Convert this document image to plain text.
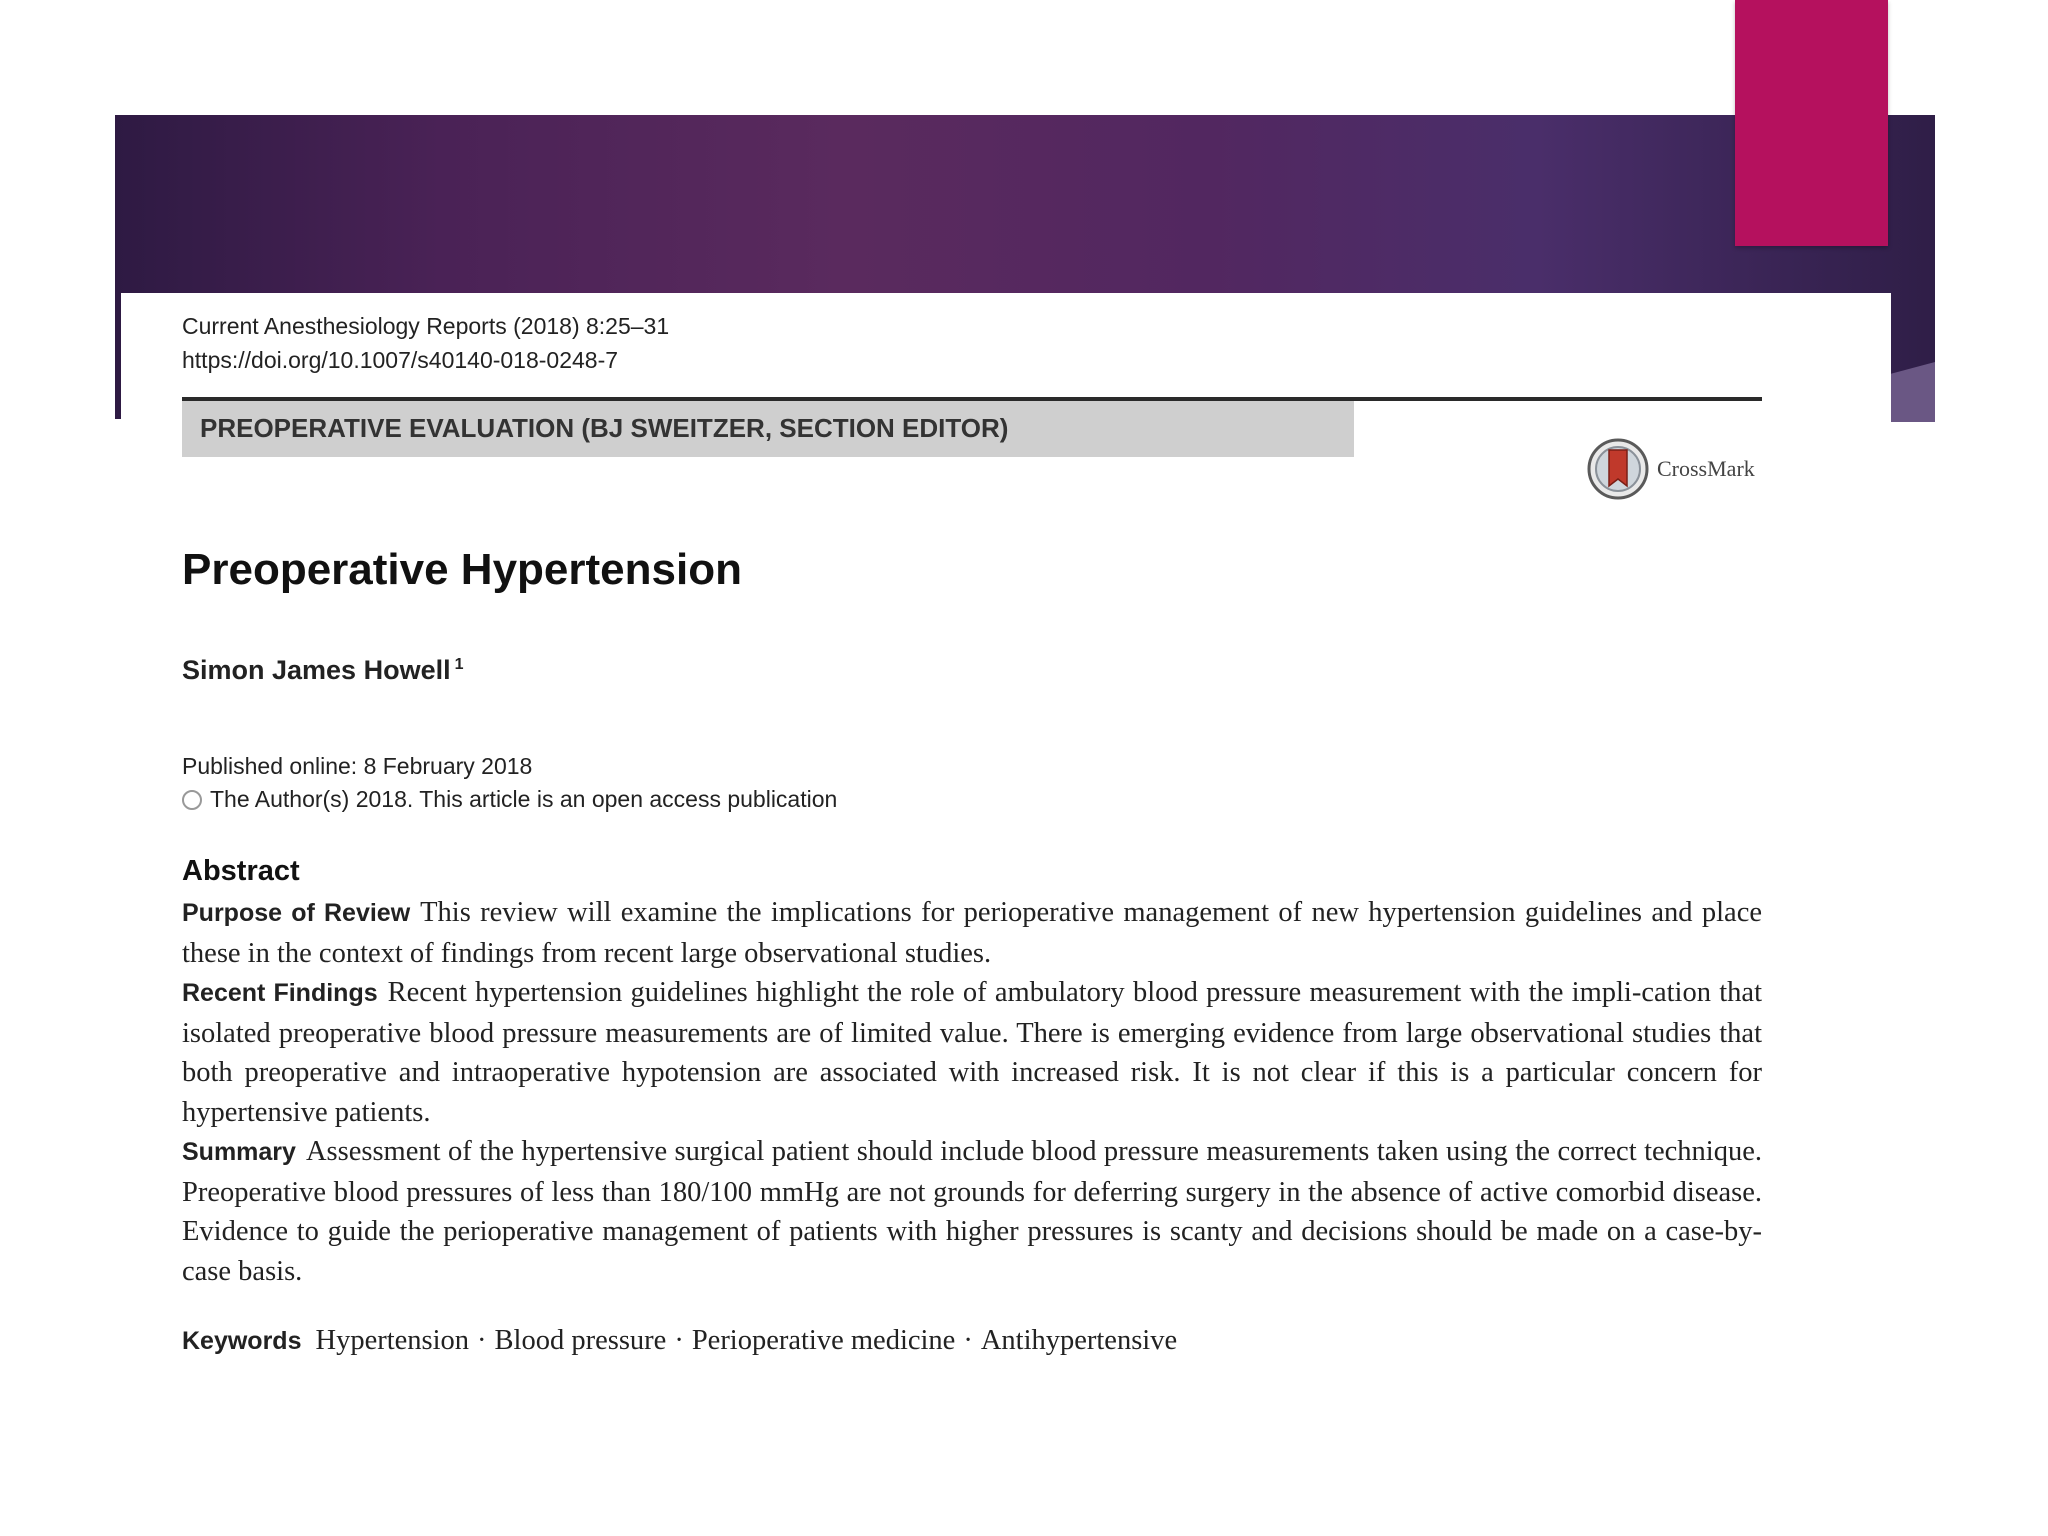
Current Anesthesiology Reports (2018) 8:25–31
https://doi.org/10.1007/s40140-018-0248-7
PREOPERATIVE EVALUATION (BJ SWEITZER, SECTION EDITOR)
CrossMark
Preoperative Hypertension
Simon James Howell $^1$
Published online: 8 February 2018
The Author(s) 2018. This article is an open access publication
Abstract

Purpose of Review This review will examine the implications for perioperative management of new hypertension guidelines and place these in the context of findings from recent large observational studies.

Recent Findings Recent hypertension guidelines highlight the role of ambulatory blood pressure measurement with the impli-cation that isolated preoperative blood pressure measurements are of limited value. There is emerging evidence from large observational studies that both preoperative and intraoperative hypotension are associated with increased risk. It is not clear if this is a particular concern for hypertensive patients.

Summary Assessment of the hypertensive surgical patient should include blood pressure measurements taken using the correct technique. Preoperative blood pressures of less than 180/100 mmHg are not grounds for deferring surgery in the absence of active comorbid disease. Evidence to guide the perioperative management of patients with higher pressures is scanty and decisions should be made on a case-by-case basis.

Keywords Hypertension · Blood pressure · Perioperative medicine · Antihypertensive
